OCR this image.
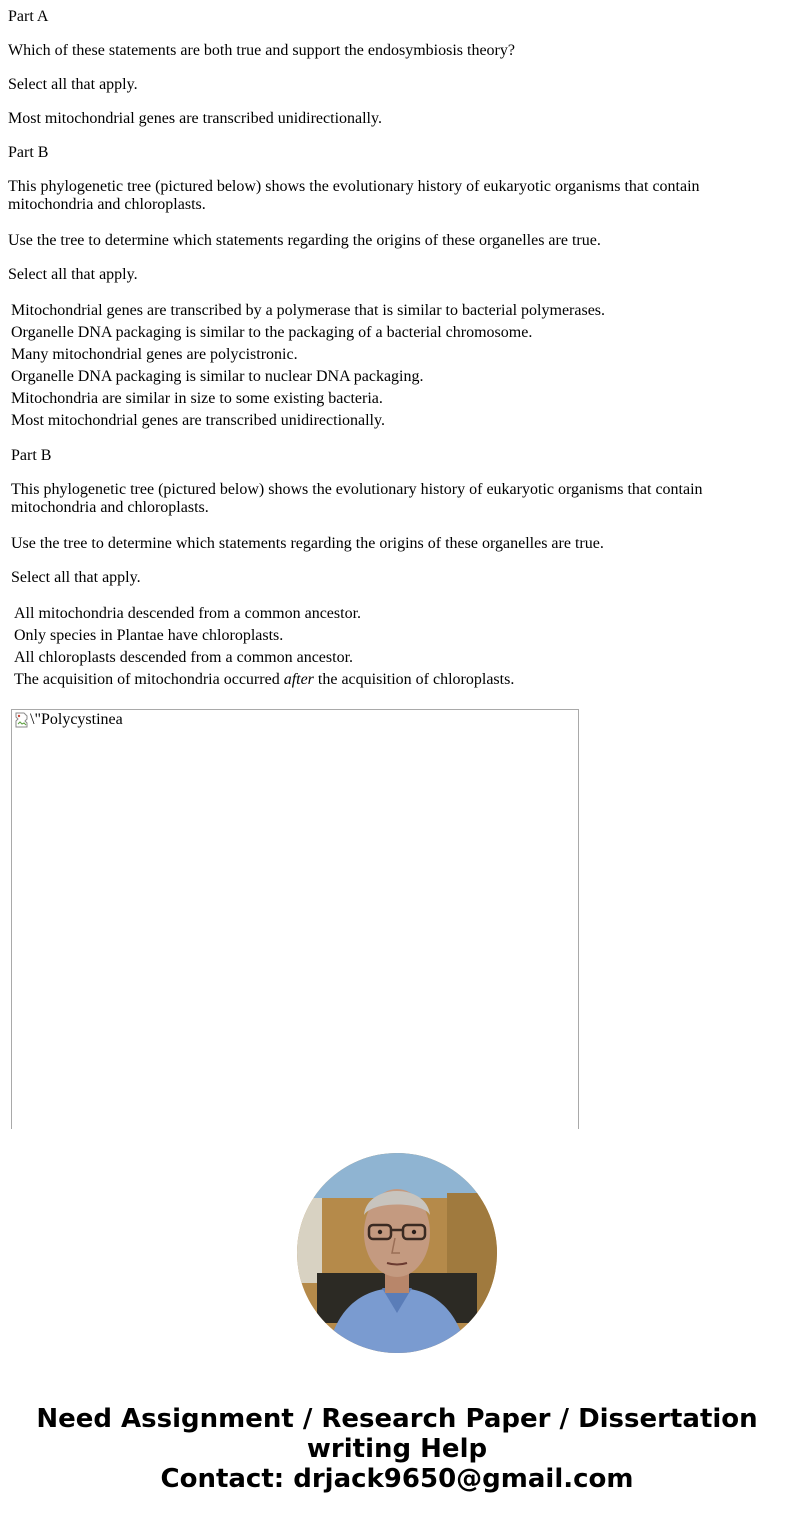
Part A

Which of these statements are both true and support the endosymbiosis theory?

Select all that apply.

Most mitochondrial genes are transcribed unidirectionally.

Part B

This phylogenetic tree (pictured below) shows the evolutionary history of eukaryotic organisms that contain mitochondria and chloroplasts.

Use the tree to determine which statements regarding the origins of these organelles are true.

Select all that apply.

Mitochondrial genes are transcribed by a polymerase that is similar to bacterial polymerases.

Organelle DNA packaging is similar to the packaging of a bacterial chromosome.

Many mitochondrial genes are polycistronic.

Organelle DNA packaging is similar to nuclear DNA packaging.

Mitochondria are similar in size to some existing bacteria.

Most mitochondrial genes are transcribed unidirectionally.

Part B

This phylogenetic tree (pictured below) shows the evolutionary history of eukaryotic organisms that contain mitochondria and chloroplasts.

Use the tree to determine which statements regarding the origins of these organelles are true.

Select all that apply.

All mitochondria descended from a common ancestor.

Only species in Plantae have chloroplasts.

All chloroplasts descended from a common ancestor.

The acquisition of mitochondria occurred after the acquisition of chloroplasts.

\"Polycystinea

Need Assignment / Research Paper / Dissertation

writing Help

Contact: drjack9650@gmail.com
